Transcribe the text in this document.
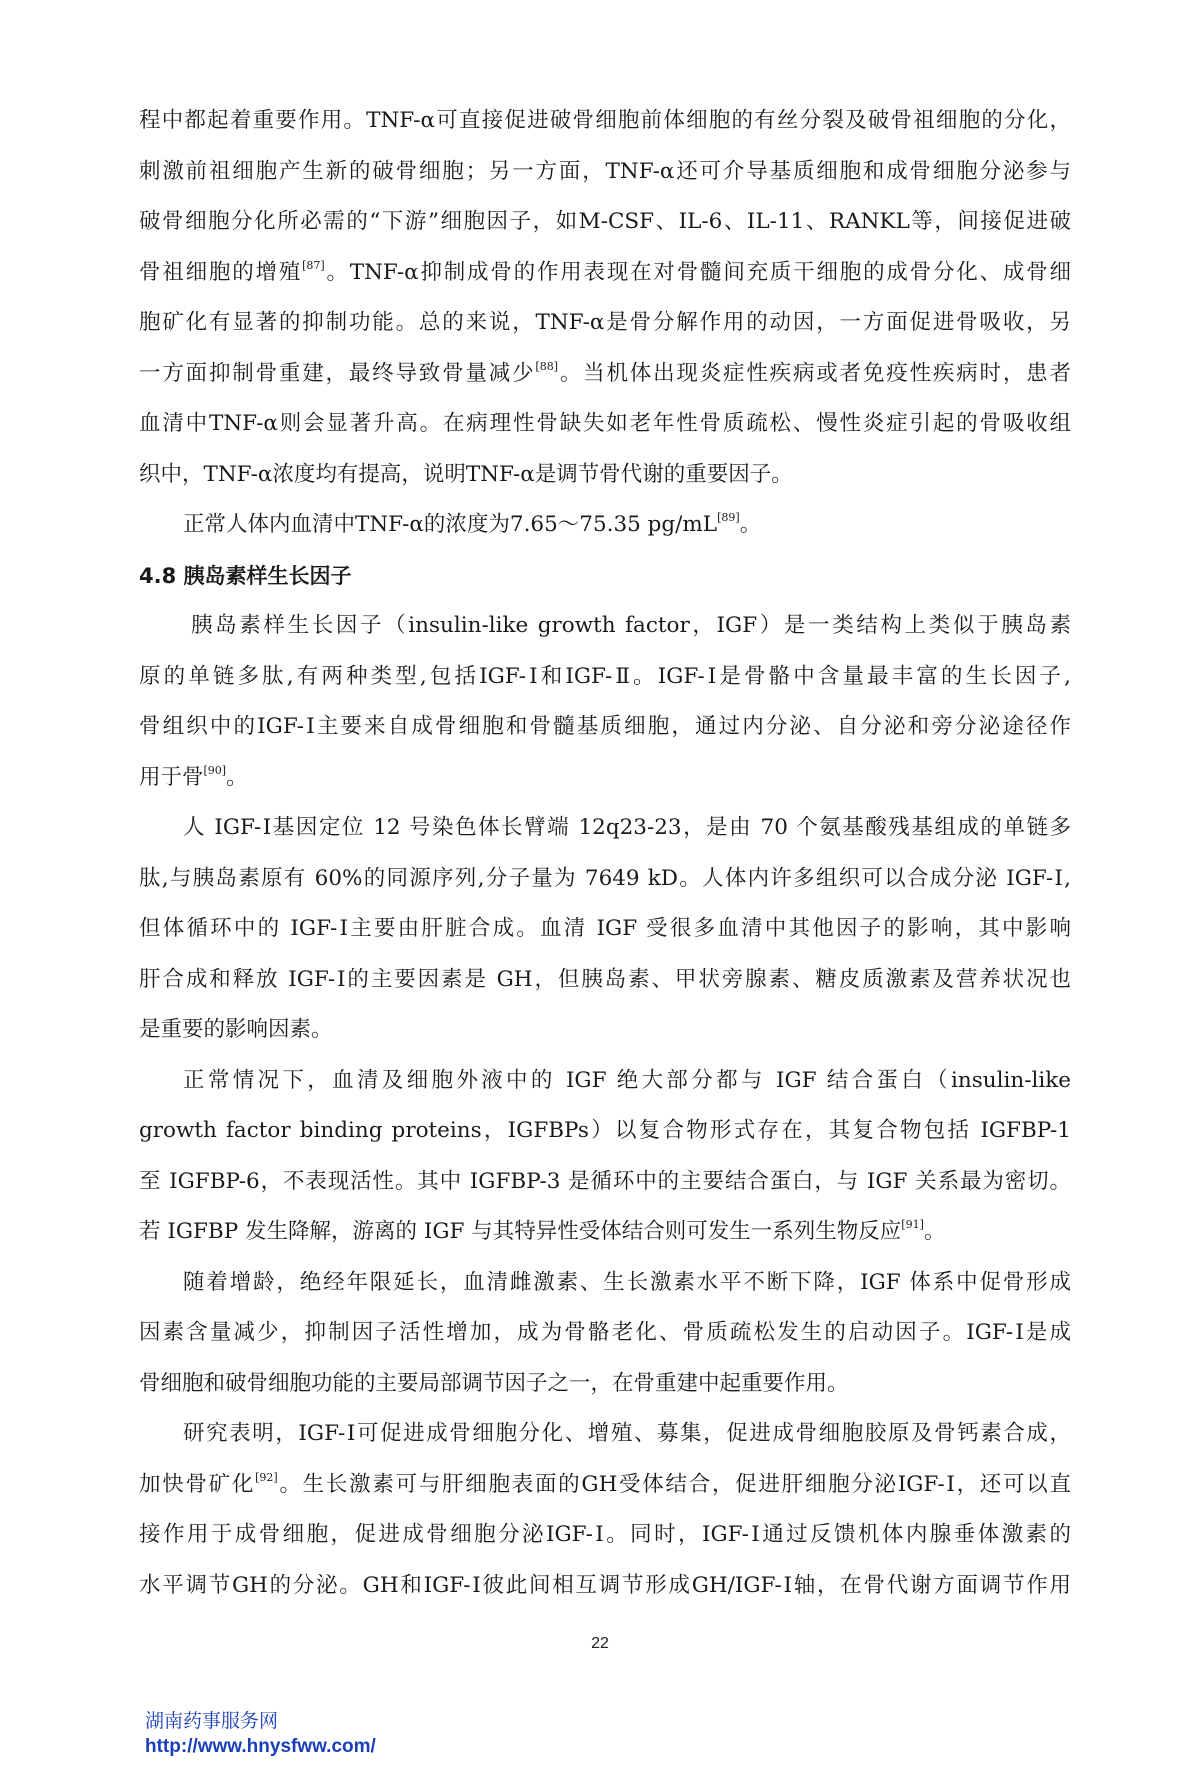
程中都起着重要作用。TNF-α可直接促进破骨细胞前体细胞的有丝分裂及破骨祖细胞的分化，
刺激前祖细胞产生新的破骨细胞；另一方面，TNF-α还可介导基质细胞和成骨细胞分泌参与
破骨细胞分化所必需的“下游”细胞因子，如M-CSF、IL-6、IL-11、RANKL等，间接促进破
骨祖细胞的增殖[87]。TNF-α抑制成骨的作用表现在对骨髓间充质干细胞的成骨分化、成骨细
胞矿化有显著的抑制功能。总的来说，TNF-α是骨分解作用的动因，一方面促进骨吸收，另
一方面抑制骨重建，最终导致骨量减少[88]。当机体出现炎症性疾病或者免疫性疾病时，患者
血清中TNF-α则会显著升高。在病理性骨缺失如老年性骨质疏松、慢性炎症引起的骨吸收组
织中，TNF-α浓度均有提高，说明TNF-α是调节骨代谢的重要因子。
正常人体内血清中TNF-α的浓度为7.65～75.35 pg/mL[89]。
4.8 胰岛素样生长因子
胰岛素样生长因子（insulin-like growth factor，IGF）是一类结构上类似于胰岛素
原的单链多肽,有两种类型,包括IGF-Ⅰ和IGF-Ⅱ。IGF-Ⅰ是骨骼中含量最丰富的生长因子,
骨组织中的IGF-Ⅰ主要来自成骨细胞和骨髓基质细胞，通过内分泌、自分泌和旁分泌途径作
用于骨[90]。
人 IGF-Ⅰ基因定位 12 号染色体长臂端 12q23-23，是由 70 个氨基酸残基组成的单链多
肽,与胰岛素原有 60%的同源序列,分子量为 7649 kD。人体内许多组织可以合成分泌 IGF-Ⅰ,
但体循环中的 IGF-Ⅰ主要由肝脏合成。血清 IGF 受很多血清中其他因子的影响，其中影响
肝合成和释放 IGF-Ⅰ的主要因素是 GH，但胰岛素、甲状旁腺素、糖皮质激素及营养状况也
是重要的影响因素。
正常情况下，血清及细胞外液中的 IGF 绝大部分都与 IGF 结合蛋白（insulin-like
growth factor binding proteins，IGFBPs）以复合物形式存在，其复合物包括 IGFBP-1
至 IGFBP-6，不表现活性。其中 IGFBP-3 是循环中的主要结合蛋白，与 IGF 关系最为密切。
若 IGFBP 发生降解，游离的 IGF 与其特异性受体结合则可发生一系列生物反应[91]。
随着增龄，绝经年限延长，血清雌激素、生长激素水平不断下降，IGF 体系中促骨形成
因素含量减少，抑制因子活性增加，成为骨骼老化、骨质疏松发生的启动因子。IGF-Ⅰ是成
骨细胞和破骨细胞功能的主要局部调节因子之一，在骨重建中起重要作用。
研究表明，IGF-Ⅰ可促进成骨细胞分化、增殖、募集，促进成骨细胞胶原及骨钙素合成，
加快骨矿化[92]。生长激素可与肝细胞表面的GH受体结合，促进肝细胞分泌IGF-Ⅰ，还可以直
接作用于成骨细胞，促进成骨细胞分泌IGF-Ⅰ。同时，IGF-Ⅰ通过反馈机体内腺垂体激素的
水平调节GH的分泌。GH和IGF-Ⅰ彼此间相互调节形成GH/IGF-Ⅰ轴，在骨代谢方面调节作用
22
湖南药事服务网
http://www.hnysfww.com/
